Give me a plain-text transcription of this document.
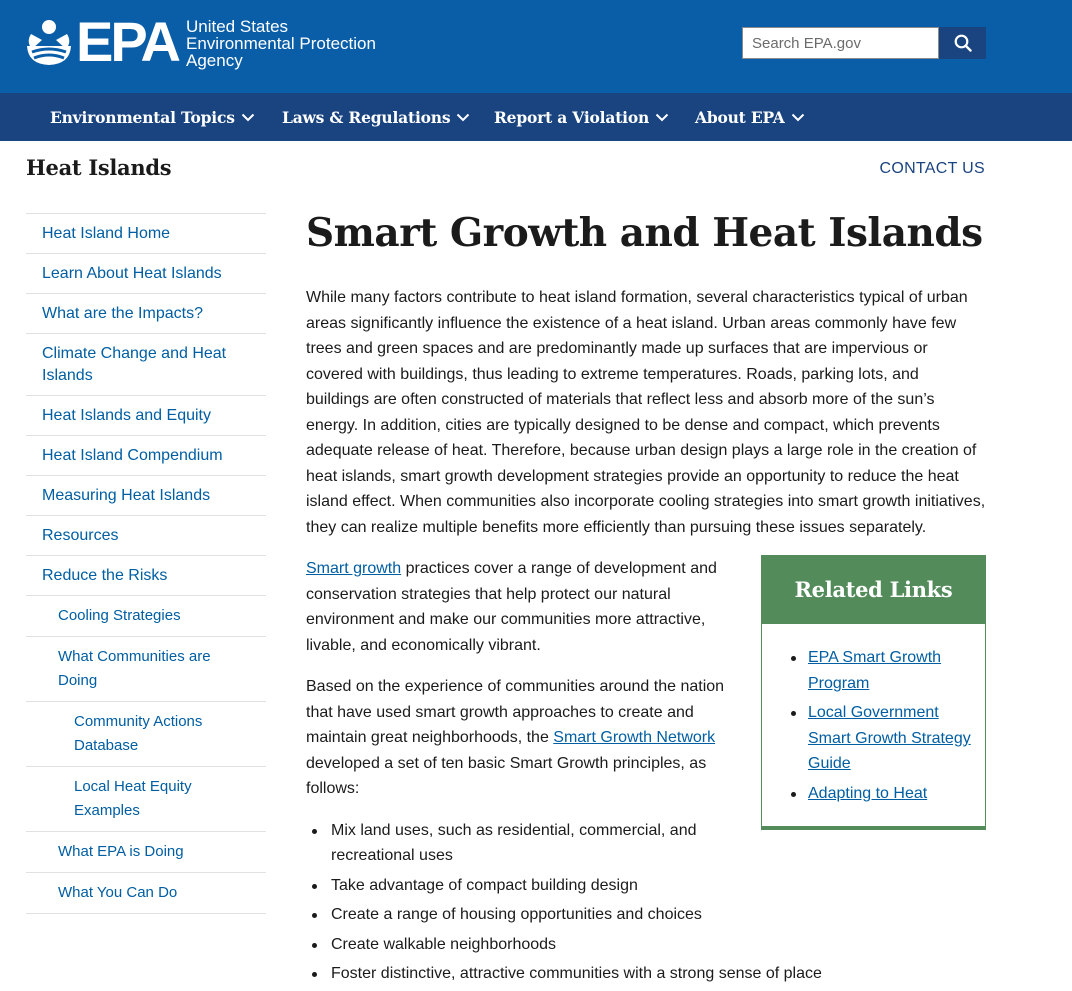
EPA United States
Environmental Protection
Agency
Search EPA.gov
Environmental Topics	Laws & Regulations	Report a Violation	About EPA
Heat Islands	CONTACT US
Heat Island Home
Learn About Heat Islands
What are the Impacts?
Climate Change and Heat Islands
Heat Islands and Equity
Heat Island Compendium
Measuring Heat Islands
Resources
Reduce the Risks
Cooling Strategies
What Communities are Doing
Community Actions Database
Local Heat Equity Examples
What EPA is Doing
What You Can Do
Smart Growth and Heat Islands

While many factors contribute to heat island formation, several characteristics typical of urban areas significantly influence the existence of a heat island. Urban areas commonly have few trees and green spaces and are predominantly made up surfaces that are impervious or covered with buildings, thus leading to extreme temperatures. Roads, parking lots, and buildings are often constructed of materials that reflect less and absorb more of the sun’s energy. In addition, cities are typically designed to be dense and compact, which prevents adequate release of heat. Therefore, because urban design plays a large role in the creation of heat islands, smart growth development strategies provide an opportunity to reduce the heat island effect. When communities also incorporate cooling strategies into smart growth initiatives, they can realize multiple benefits more efficiently than pursuing these issues separately.

Smart growth practices cover a range of development and conservation strategies that help protect our natural environment and make our communities more attractive, livable, and economically vibrant.

Based on the experience of communities around the nation that have used smart growth approaches to create and maintain great neighborhoods, the Smart Growth Network developed a set of ten basic Smart Growth principles, as follows:

Mix land uses, such as residential, commercial, and recreational uses
Take advantage of compact building design
Create a range of housing opportunities and choices
Create walkable neighborhoods
Foster distinctive, attractive communities with a strong sense of place
Related Links
EPA Smart Growth Program
Local Government Smart Growth Strategy Guide
Adapting to Heat
